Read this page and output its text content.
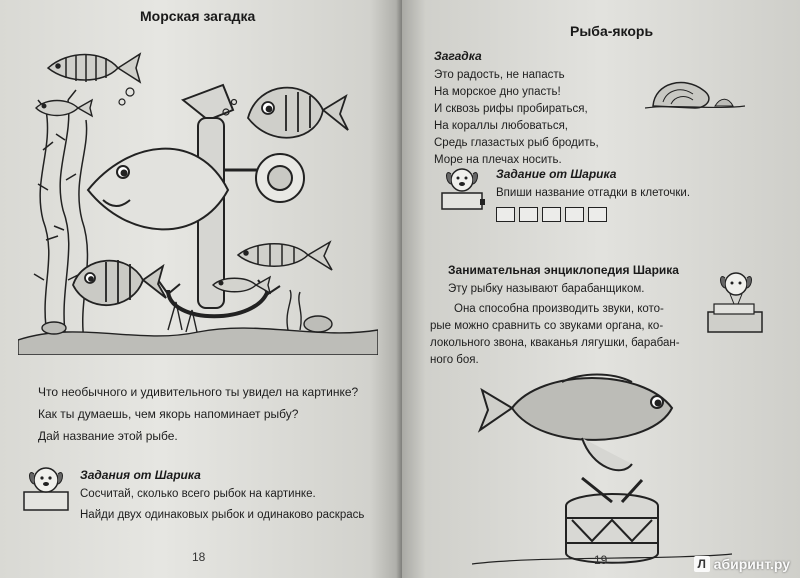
Морская загадка
Что необычного и удивительного ты увидел на картинке?
Как ты думаешь, чем якорь напоминает рыбу?
Дай название этой рыбе.
Задания от Шарика
Сосчитай, сколько всего рыбок на картинке.
Найди двух одинаковых рыбок и одинаково раскрась
18
Рыба-якорь
Загадка
Это радость, не напасть
На морское дно упасть!
И сквозь рифы пробираться,
На кораллы любоваться,
Средь глазастых рыб бродить,
Море на плечах носить.
Задание от Шарика
Впиши название отгадки в клеточки.
Занимательная энциклопедия Шарика
Эту рыбку называют барабанщиком.
Она способна производить звуки, кото-
рые можно сравнить со звуками органа, ко-
локольного звона, кваканья лягушки, барабан-
ного боя.
19	Л абиринт.ру
